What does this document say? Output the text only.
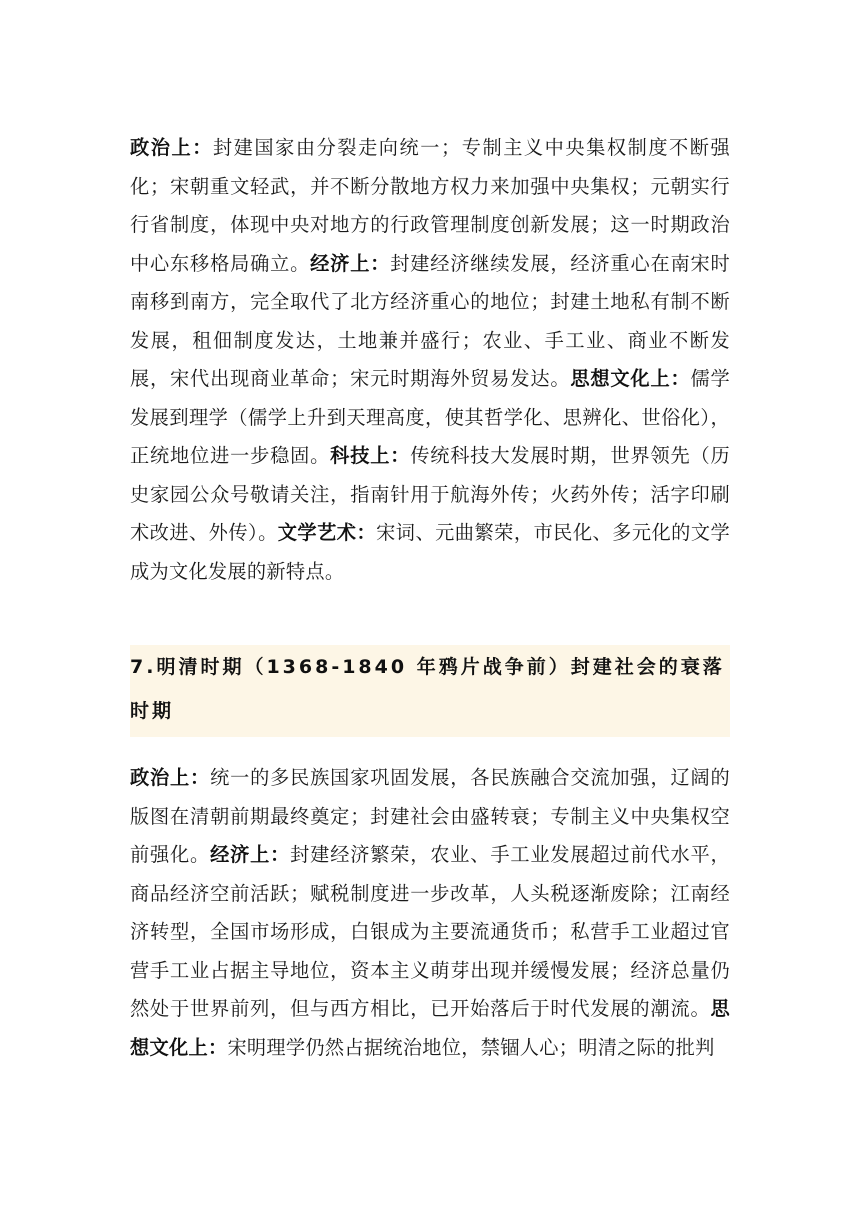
政治上：封建国家由分裂走向统一；专制主义中央集权制度不断强化；宋朝重文轻武，并不断分散地方权力来加强中央集权；元朝实行行省制度，体现中央对地方的行政管理制度创新发展；这一时期政治中心东移格局确立。经济上：封建经济继续发展，经济重心在南宋时南移到南方，完全取代了北方经济重心的地位；封建土地私有制不断发展，租佃制度发达，土地兼并盛行；农业、手工业、商业不断发展，宋代出现商业革命；宋元时期海外贸易发达。思想文化上：儒学发展到理学（儒学上升到天理高度，使其哲学化、思辨化、世俗化），正统地位进一步稳固。科技上：传统科技大发展时期，世界领先（历史家园公众号敬请关注，指南针用于航海外传；火药外传；活字印刷术改进、外传）。文学艺术：宋词、元曲繁荣，市民化、多元化的文学成为文化发展的新特点。

7.明清时期（1368-1840 年鸦片战争前）封建社会的衰落时期

政治上：统一的多民族国家巩固发展，各民族融合交流加强，辽阔的版图在清朝前期最终奠定；封建社会由盛转衰；专制主义中央集权空前强化。经济上：封建经济繁荣，农业、手工业发展超过前代水平，商品经济空前活跃；赋税制度进一步改革，人头税逐渐废除；江南经济转型，全国市场形成，白银成为主要流通货币；私营手工业超过官营手工业占据主导地位，资本主义萌芽出现并缓慢发展；经济总量仍然处于世界前列，但与西方相比，已开始落后于时代发展的潮流。思想文化上：宋明理学仍然占据统治地位，禁锢人心；明清之际的批判
